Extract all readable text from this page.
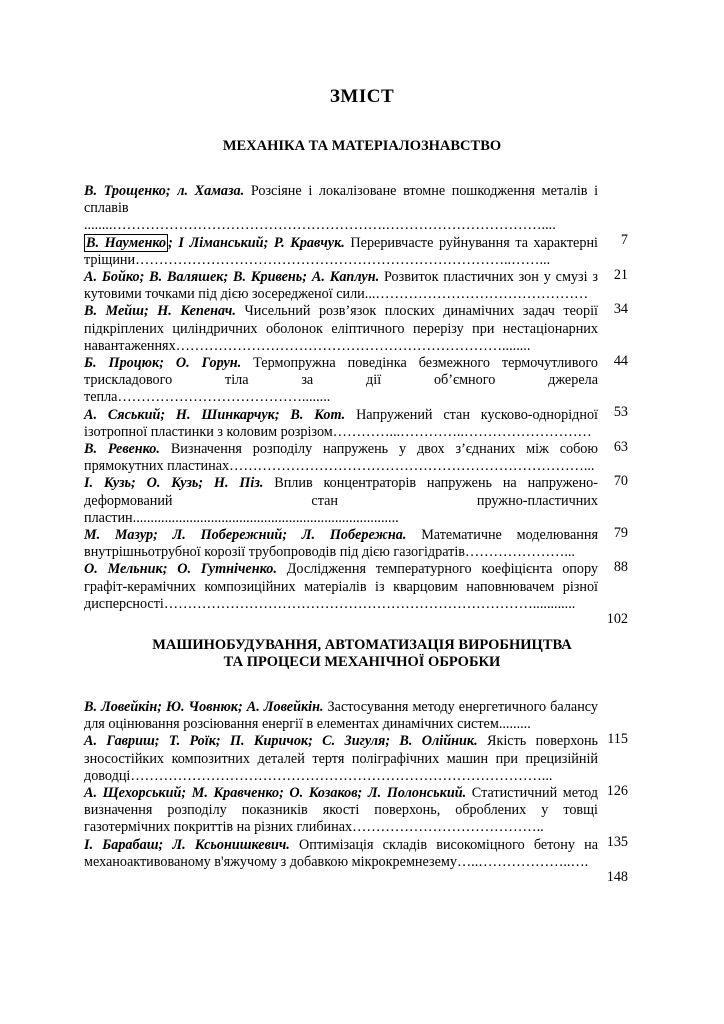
ЗМІСТ
МЕХАНІКА ТА МАТЕРІАЛОЗНАВСТВО
В. Трощенко; л. Хамаза. Розсіяне і локалізоване втомне пошкодження металів і сплавів ........………………………………………………….……………………………....
7
В. Науменко ; І Ліманський; Р. Кравчук. Переривчасте руйнування та характерні тріщини……………………………………………………………………..……...
21
А. Бойко; В. Валяшек; В. Кривень; А. Каплун. Розвиток пластичних зон у смузі з кутовими точками під дією зосередженої сили...………………………………………
34
В. Мейш; Н. Кепенач. Чисельний розв’язок плоских динамічних задач теорії підкріплених циліндричних оболонок еліптичного перерізу при нестаціонарних навантаженнях……………………………………………………………........
44
Б. Процюк; О. Горун. Термопружна поведінка безмежного термочутливого трискладового тіла за дії об’ємного джерела тепла…………………………………........
53
А. Сяський; Н. Шинкарчук; В. Кот. Напружений стан кусково-однорідної ізотропної пластинки з коловим розрізом…………...…………..………………………
63
В. Ревенко. Визначення розподілу напружень у двох з’єднаних між собою прямокутних пластинах…………………………………………………………………...
70
І. Кузь; О. Кузь; Н. Піз. Вплив концентраторів напружень на напружено-деформований стан пружно-пластичних пластин...........................................................................
79
М. Мазур; Л. Побережний; Л. Побережна. Математичне моделювання внутрішньотрубної корозії трубопроводів під дією газогідратів…………………...
88
О. Мельник; О. Гутніченко. Дослідження температурного коефіцієнта опору графіт-керамічних композиційних матеріалів із кварцовим наповнювачем різної дисперсності……………………………………………………………………............
102
МАШИНОБУДУВАННЯ, АВТОМАТИЗАЦІЯ ВИРОБНИЦТВА
ТА ПРОЦЕСИ МЕХАНІЧНОЇ ОБРОБКИ
В. Ловейкін; Ю. Човнюк; А. Ловейкін. Застосування методу енергетичного балансу для оцінювання розсіювання енергії в елементах динамічних систем.........
115
А. Гавриш; Т. Роїк; П. Киричок; С. Зигуля; В. Олійник. Якість поверхонь зносостійких композитних деталей тертя поліграфічних машин при прецизійній доводці……………………………………………………………………………...
126
А. Щехорський; М. Кравченко; О. Козаков; Л. Полонський. Статистичний метод визначення розподілу показників якості поверхонь, оброблених у товщі газотермічних покриттів на різних глибинах…………………………………..
135
І. Барабаш; Л. Ксьонишкевич. Оптимізація складів високоміцного бетону на механоактивованому в'яжучому з добавкою мікрокремнезему…..………………..….
148
